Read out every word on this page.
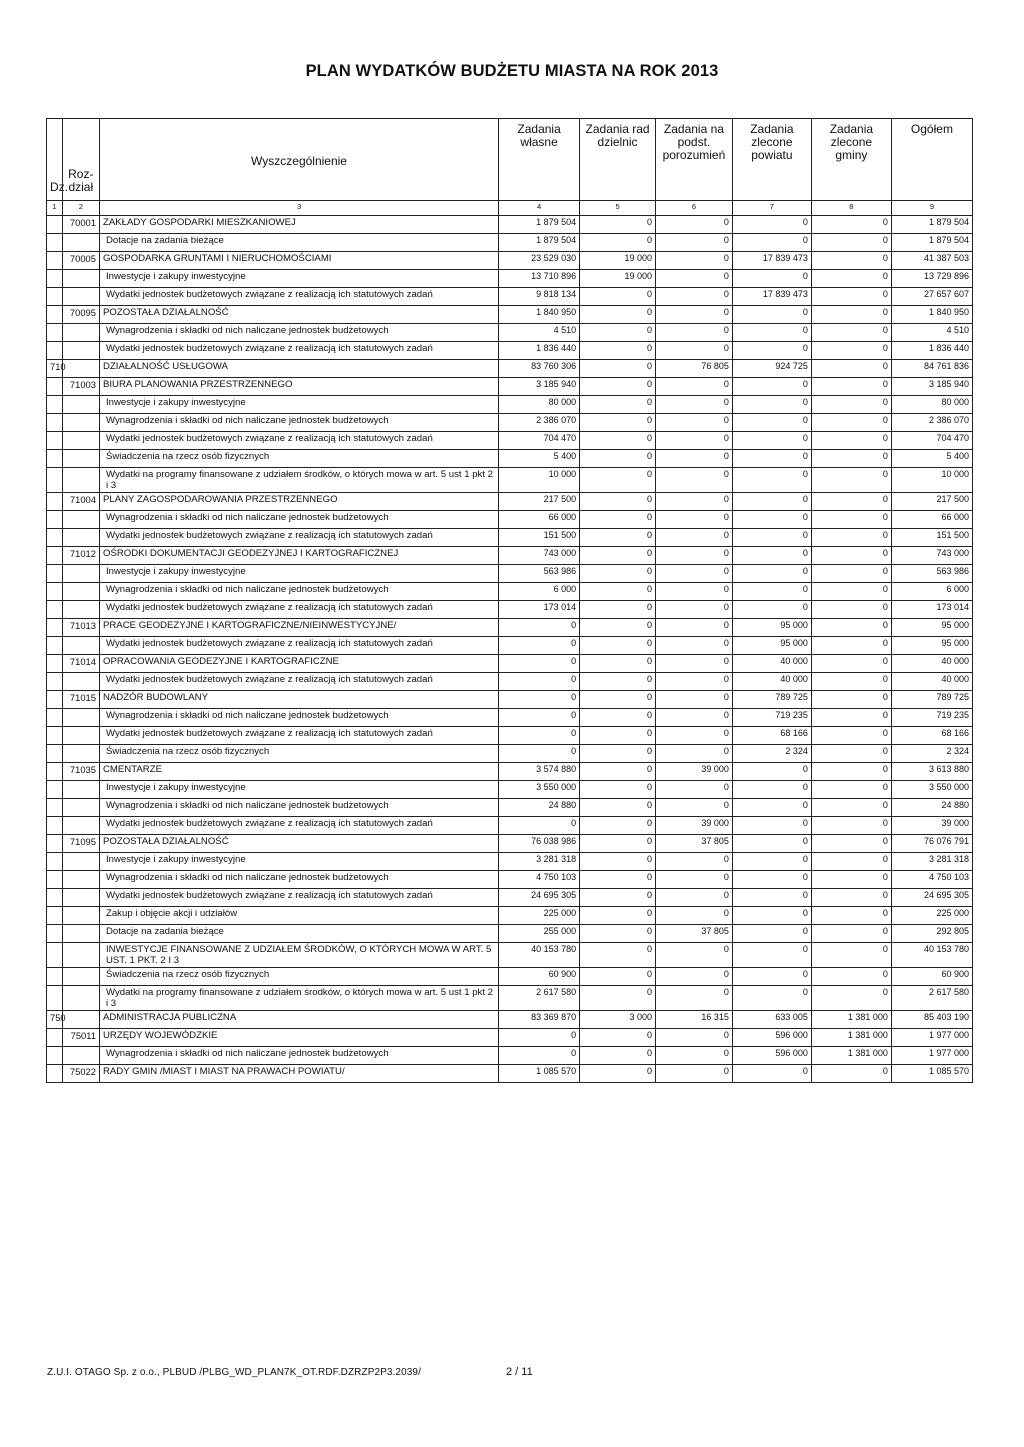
PLAN WYDATKÓW BUDŻETU MIASTA NA ROK 2013
Dz.	Roz-dział	Wyszczególnienie	Zadania własne	Zadania rad dzielnic	Zadania na podst. porozumień	Zadania zlecone powiatu	Zadania zlecone gminy	Ogółem
1	2	3	4	5	6	7	8	9
	70001	ZAKŁADY GOSPODARKI MIESZKANIOWEJ	1 879 504	0	0	0	0	1 879 504
		Dotacje na zadania bieżące	1 879 504	0	0	0	0	1 879 504
	70005	GOSPODARKA GRUNTAMI I NIERUCHOMOŚCIAMI	23 529 030	19 000	0	17 839 473	0	41 387 503
		Inwestycje i zakupy inwestycyjne	13 710 896	19 000	0	0	0	13 729 896
		Wydatki jednostek budżetowych związane z realizacją ich statutowych zadań	9 818 134	0	0	17 839 473	0	27 657 607
	70095	POZOSTAŁA DZIAŁALNOŚĆ	1 840 950	0	0	0	0	1 840 950
		Wynagrodzenia i składki od nich naliczane jednostek budżetowych	4 510	0	0	0	0	4 510
		Wydatki jednostek budżetowych związane z realizacją ich statutowych zadań	1 836 440	0	0	0	0	1 836 440
710		DZIAŁALNOŚĆ USŁUGOWA	83 760 306	0	76 805	924 725	0	84 761 836
	71003	BIURA PLANOWANIA PRZESTRZENNEGO	3 185 940	0	0	0	0	3 185 940
		Inwestycje i zakupy inwestycyjne	80 000	0	0	0	0	80 000
		Wynagrodzenia i składki od nich naliczane jednostek budżetowych	2 386 070	0	0	0	0	2 386 070
		Wydatki jednostek budżetowych związane z realizacją ich statutowych zadań	704 470	0	0	0	0	704 470
		Świadczenia na rzecz osób fizycznych	5 400	0	0	0	0	5 400
		Wydatki na programy finansowane z udziałem środków, o których mowa w art. 5 ust 1 pkt 2 i 3	10 000	0	0	0	0	10 000
	71004	PLANY ZAGOSPODAROWANIA PRZESTRZENNEGO	217 500	0	0	0	0	217 500
		Wynagrodzenia i składki od nich naliczane jednostek budżetowych	66 000	0	0	0	0	66 000
		Wydatki jednostek budżetowych związane z realizacją ich statutowych zadań	151 500	0	0	0	0	151 500
	71012	OŚRODKI DOKUMENTACJI GEODEZYJNEJ I KARTOGRAFICZNEJ	743 000	0	0	0	0	743 000
		Inwestycje i zakupy inwestycyjne	563 986	0	0	0	0	563 986
		Wynagrodzenia i składki od nich naliczane jednostek budżetowych	6 000	0	0	0	0	6 000
		Wydatki jednostek budżetowych związane z realizacją ich statutowych zadań	173 014	0	0	0	0	173 014
	71013	PRACE GEODEZYJNE I KARTOGRAFICZNE/NIEINWESTYCYJNE/	0	0	0	95 000	0	95 000
		Wydatki jednostek budżetowych związane z realizacją ich statutowych zadań	0	0	0	95 000	0	95 000
	71014	OPRACOWANIA GEODEZYJNE I KARTOGRAFICZNE	0	0	0	40 000	0	40 000
		Wydatki jednostek budżetowych związane z realizacją ich statutowych zadań	0	0	0	40 000	0	40 000
	71015	NADZÓR BUDOWLANY	0	0	0	789 725	0	789 725
		Wynagrodzenia i składki od nich naliczane jednostek budżetowych	0	0	0	719 235	0	719 235
		Wydatki jednostek budżetowych związane z realizacją ich statutowych zadań	0	0	0	68 166	0	68 166
		Świadczenia na rzecz osób fizycznych	0	0	0	2 324	0	2 324
	71035	CMENTARZE	3 574 880	0	39 000	0	0	3 613 880
		Inwestycje i zakupy inwestycyjne	3 550 000	0	0	0	0	3 550 000
		Wynagrodzenia i składki od nich naliczane jednostek budżetowych	24 880	0	0	0	0	24 880
		Wydatki jednostek budżetowych związane z realizacją ich statutowych zadań	0	0	39 000	0	0	39 000
	71095	POZOSTAŁA DZIAŁALNOŚĆ	76 038 986	0	37 805	0	0	76 076 791
		Inwestycje i zakupy inwestycyjne	3 281 318	0	0	0	0	3 281 318
		Wynagrodzenia i składki od nich naliczane jednostek budżetowych	4 750 103	0	0	0	0	4 750 103
		Wydatki jednostek budżetowych związane z realizacją ich statutowych zadań	24 695 305	0	0	0	0	24 695 305
		Zakup i objęcie akcji i udziałów	225 000	0	0	0	0	225 000
		Dotacje na zadania bieżące	255 000	0	37 805	0	0	292 805
		INWESTYCJE FINANSOWANE Z UDZIAŁEM ŚRODKÓW, O KTÓRYCH MOWA W ART. 5 UST. 1 PKT. 2 I 3	40 153 780	0	0	0	0	40 153 780
		Świadczenia na rzecz osób fizycznych	60 900	0	0	0	0	60 900
		Wydatki na programy finansowane z udziałem środków, o których mowa w art. 5 ust 1 pkt 2 i 3	2 617 580	0	0	0	0	2 617 580
750		ADMINISTRACJA PUBLICZNA	83 369 870	3 000	16 315	633 005	1 381 000	85 403 190
	75011	URZĘDY WOJEWÓDZKIE	0	0	0	596 000	1 381 000	1 977 000
		Wynagrodzenia i składki od nich naliczane jednostek budżetowych	0	0	0	596 000	1 381 000	1 977 000
	75022	RADY GMIN /MIAST I MIAST NA PRAWACH POWIATU/	1 085 570	0	0	0	0	1 085 570
Z.U.I. OTAGO Sp. z o.o., PLBUD /PLBG_WD_PLAN7K_OT.RDF.DZRZP2P3.2039/	2 / 11
